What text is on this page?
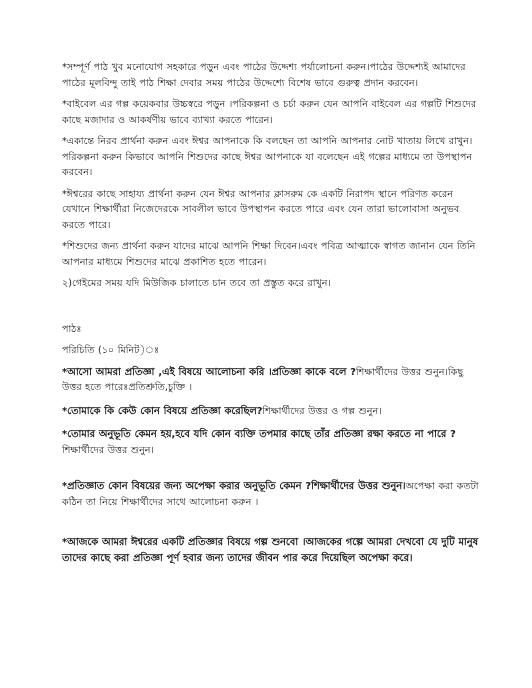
*সম্পূর্ণ পাঠ খুব মনোযোগ সহকারে পড়ুন এবং পাঠের উদ্দেশ্য পর্যালোচনা করুন।পাঠের উদ্দেশ্যই আমাদের পাঠের মূলবিন্দু তাই পাঠ শিক্ষা দেবার সময় পাঠের উদ্দেশ্যে বিশেষ ভাবে গুরুত্ব প্রদান করবেন।

*বাইবেল এর গল্প কয়েকবার উচ্চস্বরে পড়ুন ।পরিকল্পনা ও চর্চা করুন যেন আপনি বাইবেল এর গল্পটি শিশুদের কাছে মজাদার ও আকর্ষণীয় ভাবে ব্যাখ্যা করতে পারেন।

*একান্তে নিরব প্রার্থনা করুন এবং ঈশ্বর আপনাকে কি বলছেন তা আপনি আপনার নোট খাতায় লিখে রাখুন।পরিকল্পনা করুন কিভাবে আপনি শিশুদের কাছে ঈশ্বর আপনাকে যা বলেছেন এই গল্পের মাধ্যমে তা উপস্থাপন করবেন।

*ঈশ্বরের কাছে সাহায্য প্রার্থনা করুন যেন ঈশ্বর আপনার ক্লাসরুম কে একটি নিরাপদ স্থানে পরিণত করেন যেখানে শিক্ষার্থীরা নিজেদেরকে সাবলীল ভাবে উপস্থাপন করতে পারে এবং যেন তারা ভালোবাসা অনুভব করতে পারে।

*শিশুদের জন্য প্রার্থনা করুন যাদের মাঝে আপনি শিক্ষা দিবেন।এবং পবিত্র আত্মাকে স্বাগত জানান যেন তিনি আপনার মাধ্যমে শিশুদের মাঝে প্রকাশিত হতে পারেন।

২)গেইমের সময় যদি মিউজিক চালাতে চান তবে তা প্রস্তুত করে রাখুন।

পাঠঃ

পরিচিতি (১০ মিনিট)ঃ

*আসো আমরা প্রতিজ্ঞা ,এই বিষয়ে আলোচনা করি ।প্রতিজ্ঞা কাকে বলে ?শিক্ষার্থীদের উত্তর শুনুন।কিছু উত্তর হতে পারেঃপ্রতিশ্রুতি,চুক্তি ।

*তোমাকে কি কেউ কোন বিষয়ে প্রতিজ্ঞা করেছিল?শিক্ষার্থীদের উত্তর ও গল্প শুনুন।

*তোমার অনুভূতি কেমন হয়,হবে যদি কোন ব্যক্তি তপমার কাছে তাঁর প্রতিজ্ঞা রক্ষা করতে না পারে ?শিক্ষার্থীদের উত্তর শুনুন।

*প্রতিজ্ঞাত কোন বিষয়ের জন্য অপেক্ষা করার অনুভূতি কেমন ?শিক্ষার্থীদের উত্তর শুনুন।অপেক্ষা করা কতটা কঠিন তা নিয়ে শিক্ষার্থীদের সাথে আলোচনা করুন ।

*আজকে আমরা ঈশ্বরের একটি প্রতিজ্ঞার বিষয়ে গল্প শুনবো ।আজকের গল্পে আমরা দেখবো যে দুটি মানুষ তাদের কাছে করা প্রতিজ্ঞা পূর্ণ হবার জন্য তাদের জীবন পার করে দিয়েছিল অপেক্ষা করে।
